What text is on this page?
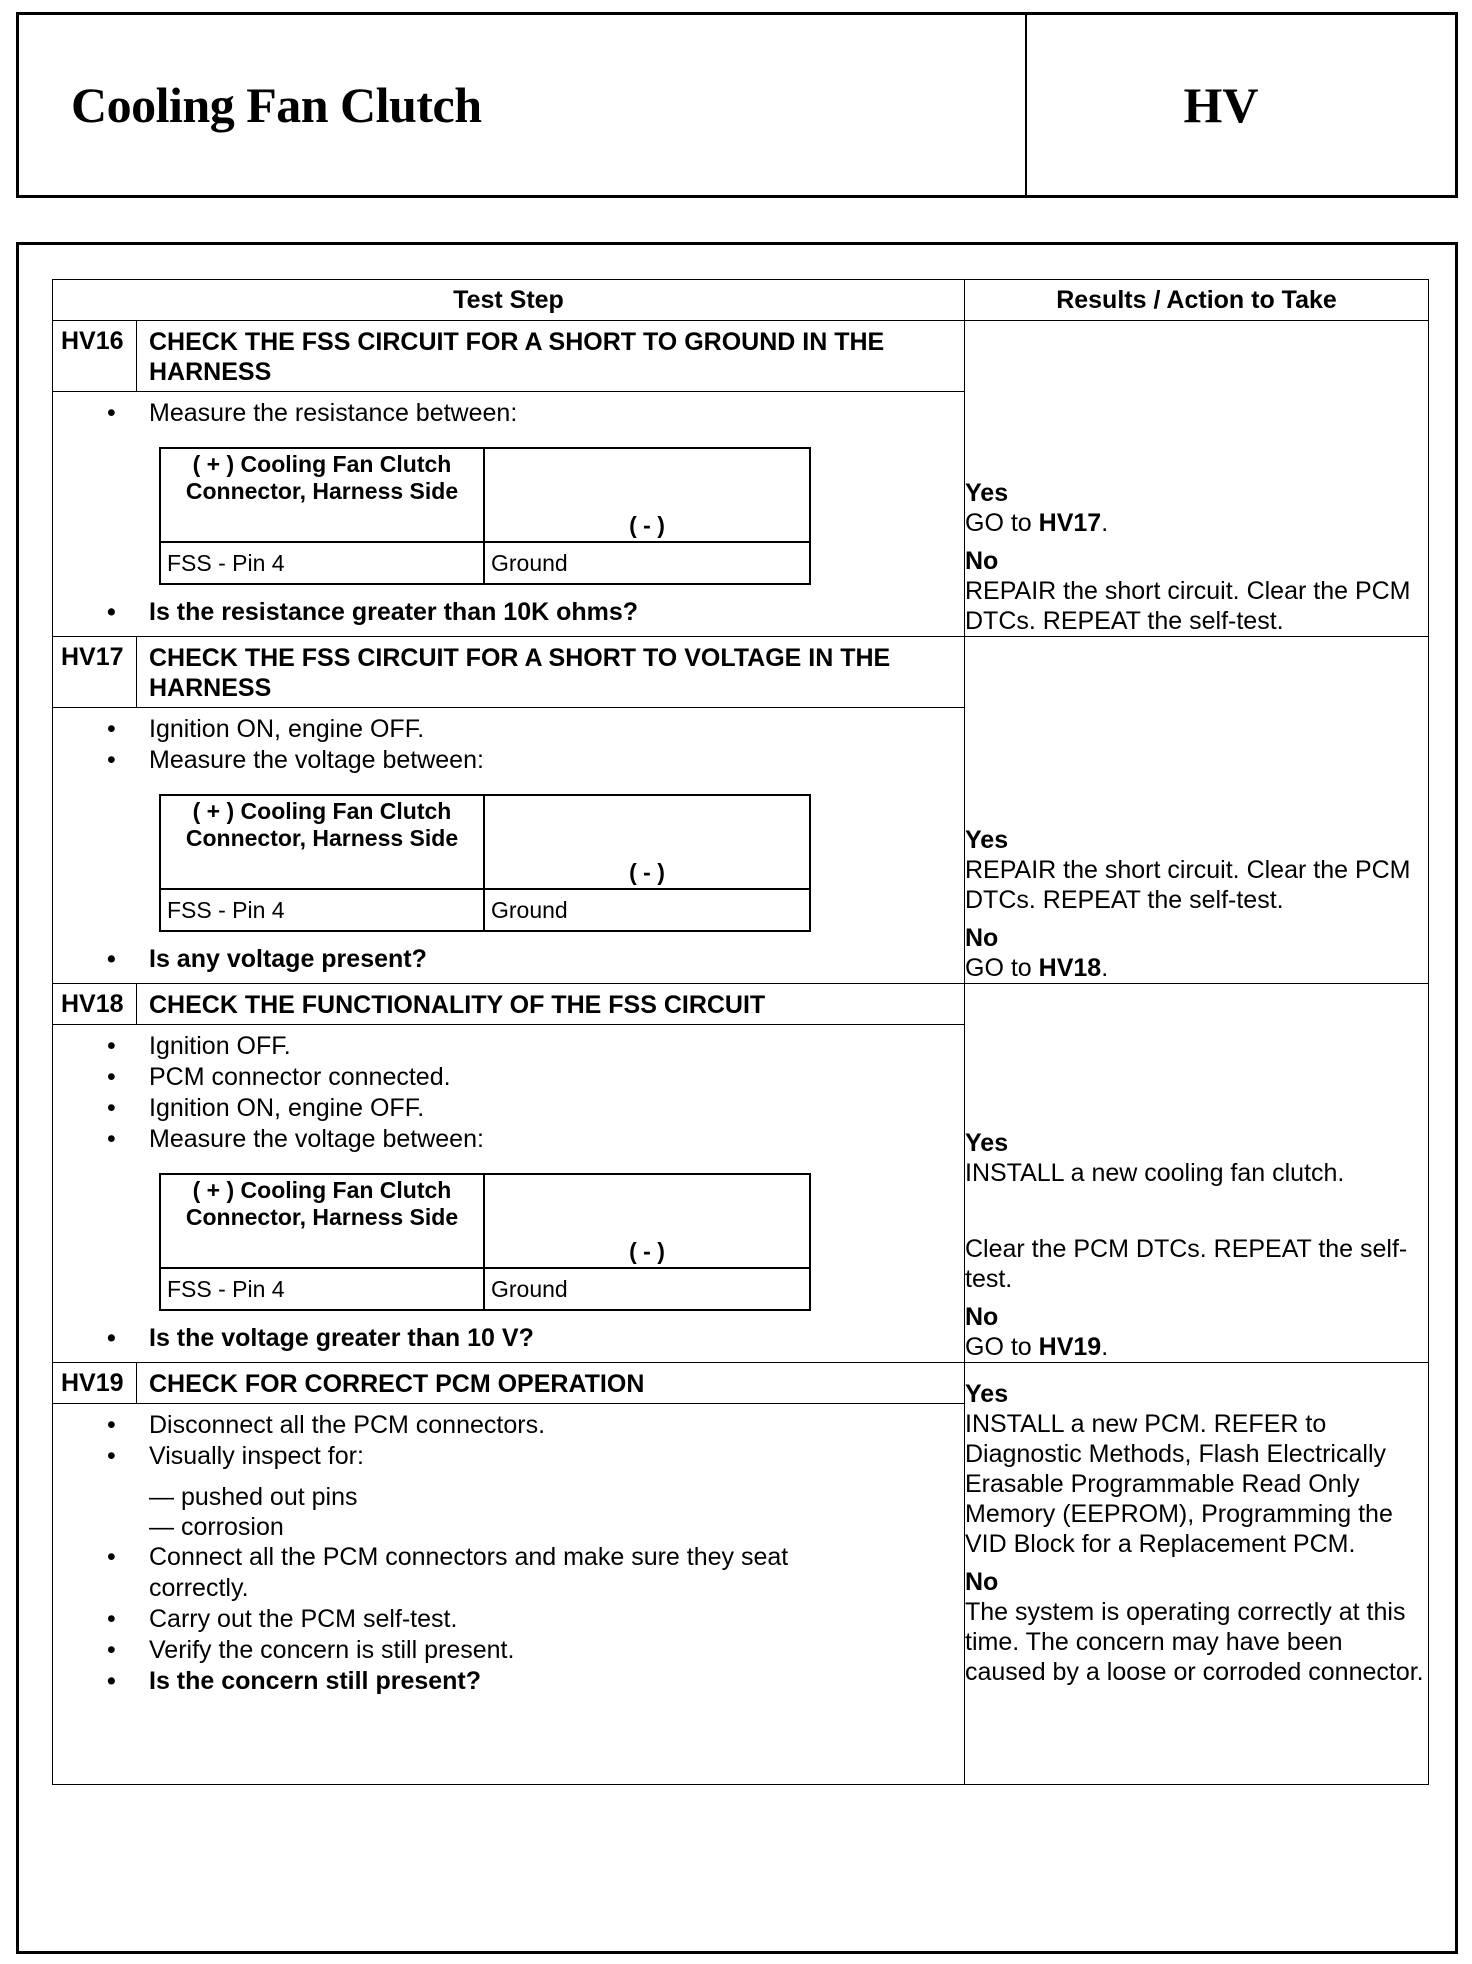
Cooling Fan Clutch	HV
Test Step	Results / Action to Take

HV16	CHECK THE FSS CIRCUIT FOR A SHORT TO GROUND IN THE HARNESS
• Measure the resistance between:
( + ) Cooling Fan Clutch Connector, Harness Side	( - )
FSS - Pin 4	Ground
• Is the resistance greater than 10K ohms?

Yes
GO to HV17.
No
REPAIR the short circuit. Clear the PCM DTCs. REPEAT the self-test.

HV17	CHECK THE FSS CIRCUIT FOR A SHORT TO VOLTAGE IN THE HARNESS
• Ignition ON, engine OFF.
• Measure the voltage between:
( + ) Cooling Fan Clutch Connector, Harness Side	( - )
FSS - Pin 4	Ground
• Is any voltage present?

Yes
REPAIR the short circuit. Clear the PCM DTCs. REPEAT the self-test.
No
GO to HV18.

HV18	CHECK THE FUNCTIONALITY OF THE FSS CIRCUIT
• Ignition OFF.
• PCM connector connected.
• Ignition ON, engine OFF.
• Measure the voltage between:
( + ) Cooling Fan Clutch Connector, Harness Side	( - )
FSS - Pin 4	Ground
• Is the voltage greater than 10 V?

Yes
INSTALL a new cooling fan clutch.
Clear the PCM DTCs. REPEAT the self-test.
No
GO to HV19.

HV19	CHECK FOR CORRECT PCM OPERATION
• Disconnect all the PCM connectors.
• Visually inspect for:
— pushed out pins
— corrosion
• Connect all the PCM connectors and make sure they seat correctly.
• Carry out the PCM self-test.
• Verify the concern is still present.
• Is the concern still present?

Yes
INSTALL a new PCM. REFER to Diagnostic Methods, Flash Electrically Erasable Programmable Read Only Memory (EEPROM), Programming the VID Block for a Replacement PCM.
No
The system is operating correctly at this time. The concern may have been caused by a loose or corroded connector.
